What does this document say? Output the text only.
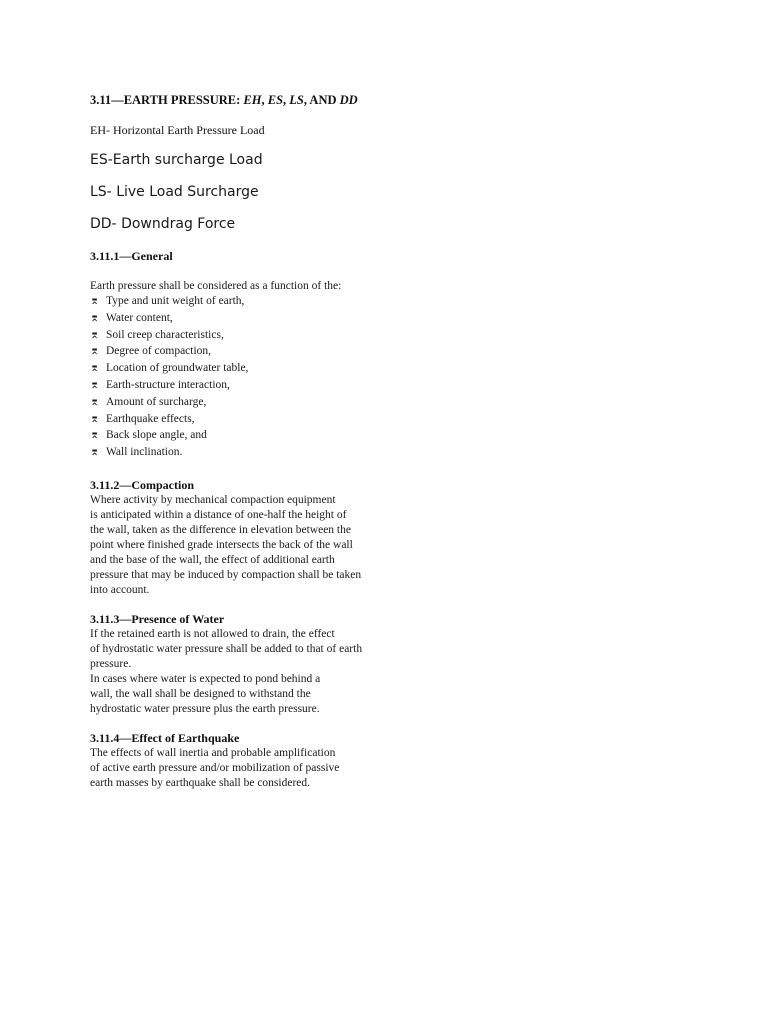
3.11—EARTH PRESSURE: EH, ES, LS, AND DD
EH- Horizontal Earth Pressure Load
ES-Earth surcharge Load
LS- Live Load Surcharge
DD- Downdrag Force
3.11.1—General
Earth pressure shall be considered as a function of the:
⌆ Type and unit weight of earth,
⌆ Water content,
⌆ Soil creep characteristics,
⌆ Degree of compaction,
⌆ Location of groundwater table,
⌆ Earth-structure interaction,
⌆ Amount of surcharge,
⌆ Earthquake effects,
⌆ Back slope angle, and
⌆ Wall inclination.
3.11.2—Compaction
Where activity by mechanical compaction equipment
is anticipated within a distance of one-half the height of
the wall, taken as the difference in elevation between the
point where finished grade intersects the back of the wall
and the base of the wall, the effect of additional earth
pressure that may be induced by compaction shall be taken
into account.
3.11.3—Presence of Water
If the retained earth is not allowed to drain, the effect
of hydrostatic water pressure shall be added to that of earth
pressure.
In cases where water is expected to pond behind a
wall, the wall shall be designed to withstand the
hydrostatic water pressure plus the earth pressure.
3.11.4—Effect of Earthquake
The effects of wall inertia and probable amplification
of active earth pressure and/or mobilization of passive
earth masses by earthquake shall be considered.
